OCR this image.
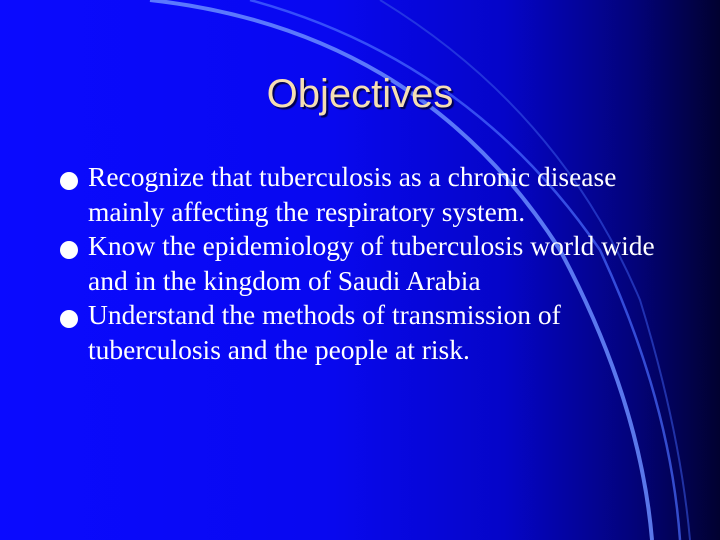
Objectives
Recognize that tuberculosis as a chronic disease mainly affecting the respiratory system.
Know the epidemiology of tuberculosis world wide and in the kingdom of Saudi Arabia
Understand the methods of transmission of tuberculosis and the people at risk.
